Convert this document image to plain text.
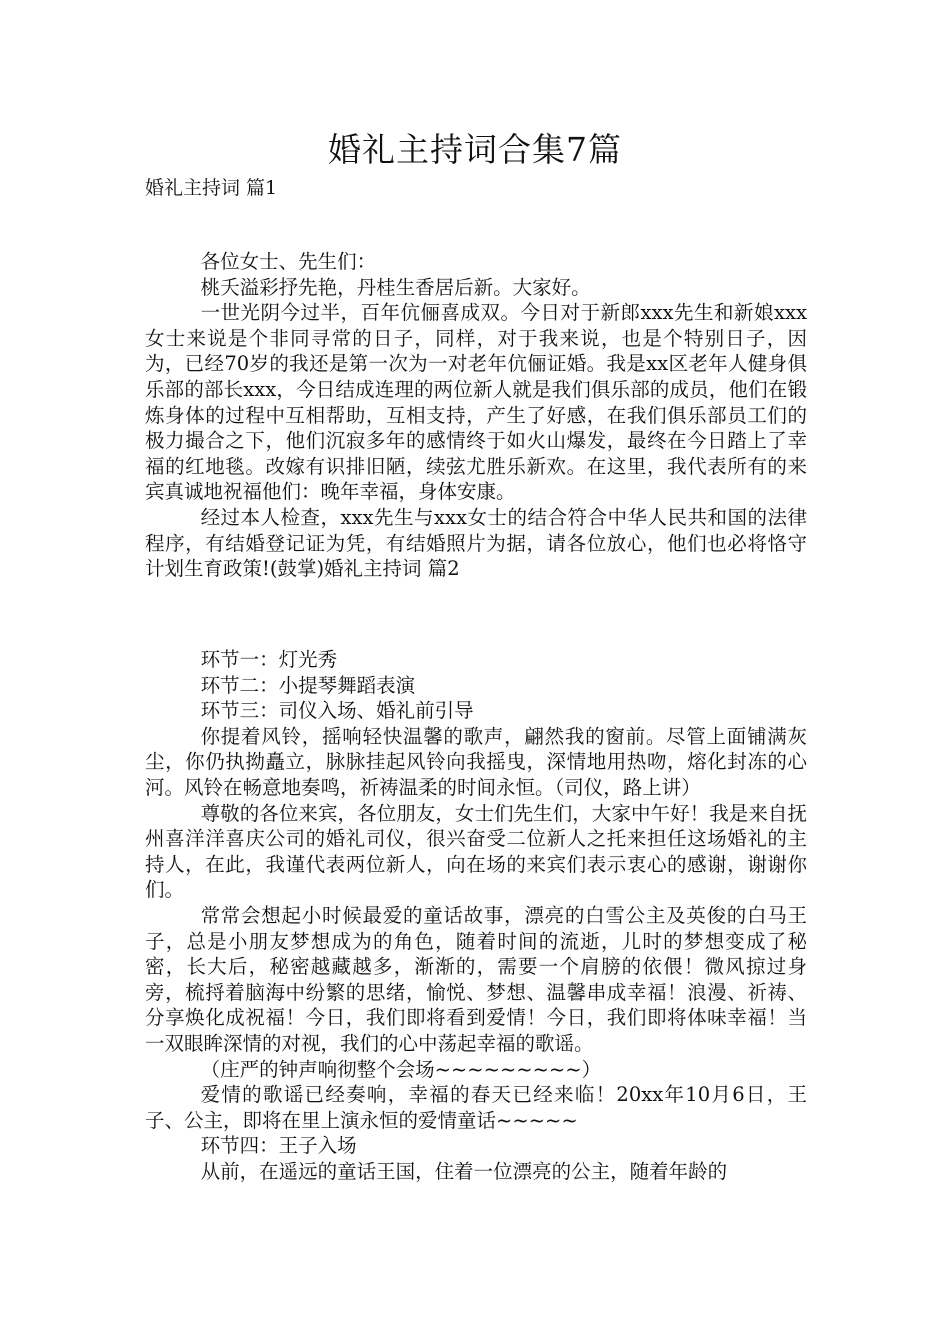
婚礼主持词合集7篇
婚礼主持词 篇1

各位女士、先生们：

桃夭溢彩抒先艳，丹桂生香居后新。大家好。

一世光阴今过半，百年伉俪喜成双。今日对于新郎xxx先生和新娘xxx女士来说是个非同寻常的日子，同样，对于我来说，也是个特别日子，因为，已经70岁的我还是第一次为一对老年伉俪证婚。我是xx区老年人健身俱乐部的部长xxx，今日结成连理的两位新人就是我们俱乐部的成员，他们在锻炼身体的过程中互相帮助，互相支持，产生了好感，在我们俱乐部员工们的极力撮合之下，他们沉寂多年的感情终于如火山爆发，最终在今日踏上了幸福的红地毯。改嫁有识排旧陋，续弦尤胜乐新欢。在这里，我代表所有的来宾真诚地祝福他们：晚年幸福，身体安康。

经过本人检查，xxx先生与xxx女士的结合符合中华人民共和国的法律程序，有结婚登记证为凭，有结婚照片为据，请各位放心，他们也必将恪守计划生育政策!(鼓掌)婚礼主持词 篇2

环节一：灯光秀

环节二：小提琴舞蹈表演

环节三：司仪入场、婚礼前引导

你提着风铃，摇响轻快温馨的歌声，翩然我的窗前。尽管上面铺满灰尘，你仍执拗矗立，脉脉挂起风铃向我摇曳，深情地用热吻，熔化封冻的心河。风铃在畅意地奏鸣，祈祷温柔的时间永恒。（司仪，路上讲）

尊敬的各位来宾，各位朋友，女士们先生们，大家中午好！我是来自抚州喜洋洋喜庆公司的婚礼司仪，很兴奋受二位新人之托来担任这场婚礼的主持人，在此，我谨代表两位新人，向在场的来宾们表示衷心的感谢，谢谢你们。

常常会想起小时候最爱的童话故事，漂亮的白雪公主及英俊的白马王子，总是小朋友梦想成为的角色，随着时间的流逝，儿时的梦想变成了秘密，长大后，秘密越藏越多，渐渐的，需要一个肩膀的依偎！微风掠过身旁，梳捋着脑海中纷繁的思绪，愉悦、梦想、温馨串成幸福！浪漫、祈祷、分享焕化成祝福！今日，我们即将看到爱情！今日，我们即将体味幸福！当一双眼眸深情的对视，我们的心中荡起幸福的歌谣。

（庄严的钟声响彻整个会场~~~~~~~~~）

爱情的歌谣已经奏响，幸福的春天已经来临！20xx年10月6日，王子、公主，即将在里上演永恒的爱情童话~~~~~

环节四：王子入场

从前，在遥远的童话王国，住着一位漂亮的公主，随着年龄的
